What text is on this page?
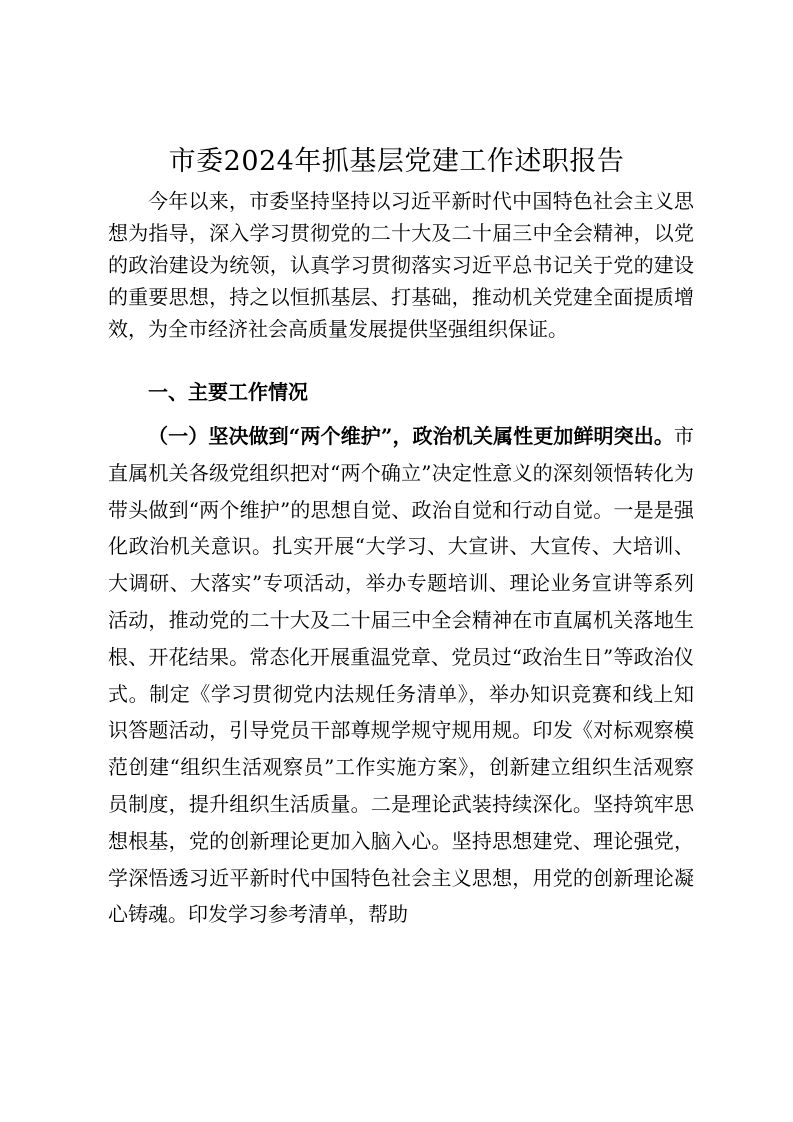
市委2024年抓基层党建工作述职报告

今年以来，市委坚持坚持以习近平新时代中国特色社会主义思想为指导，深入学习贯彻党的二十大及二十届三中全会精神，以党的政治建设为统领，认真学习贯彻落实习近平总书记关于党的建设的重要思想，持之以恒抓基层、打基础，推动机关党建全面提质增效，为全市经济社会高质量发展提供坚强组织保证。

一、主要工作情况

（一）坚决做到“两个维护”，政治机关属性更加鲜明突出。市直属机关各级党组织把对“两个确立”决定性意义的深刻领悟转化为带头做到“两个维护”的思想自觉、政治自觉和行动自觉。一是是强化政治机关意识。扎实开展“大学习、大宣讲、大宣传、大培训、大调研、大落实”专项活动，举办专题培训、理论业务宣讲等系列活动，推动党的二十大及二十届三中全会精神在市直属机关落地生根、开花结果。常态化开展重温党章、党员过“政治生日”等政治仪式。制定《学习贯彻党内法规任务清单》，举办知识竞赛和线上知识答题活动，引导党员干部尊规学规守规用规。印发《对标观察模范创建“组织生活观察员”工作实施方案》，创新建立组织生活观察员制度，提升组织生活质量。二是理论武装持续深化。坚持筑牢思想根基，党的创新理论更加入脑入心。坚持思想建党、理论强党，学深悟透习近平新时代中国特色社会主义思想，用党的创新理论凝心铸魂。印发学习参考清单，帮助
